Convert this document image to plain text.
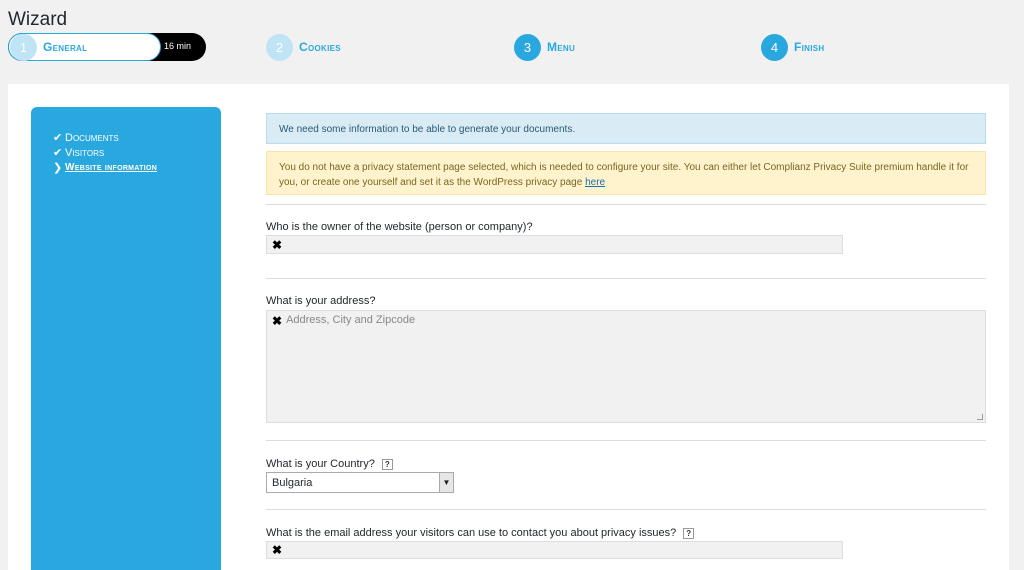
Wizard
1	General	16 min	2	Cookies	3	Menu	4	Finish
✔ Documents
✔ Visitors
❯ Website information
We need some information to be able to generate your documents.
You do not have a privacy statement page selected, which is needed to configure your site. You can either let Complianz Privacy Suite premium handle it for you, or create one yourself and set it as the WordPress privacy page here
Who is the owner of the website (person or company)?
✖
What is your address?
✖ Address, City and Zipcode
What is your Country?	?
Bulgaria	▼
What is the email address your visitors can use to contact you about privacy issues?	?
✖
